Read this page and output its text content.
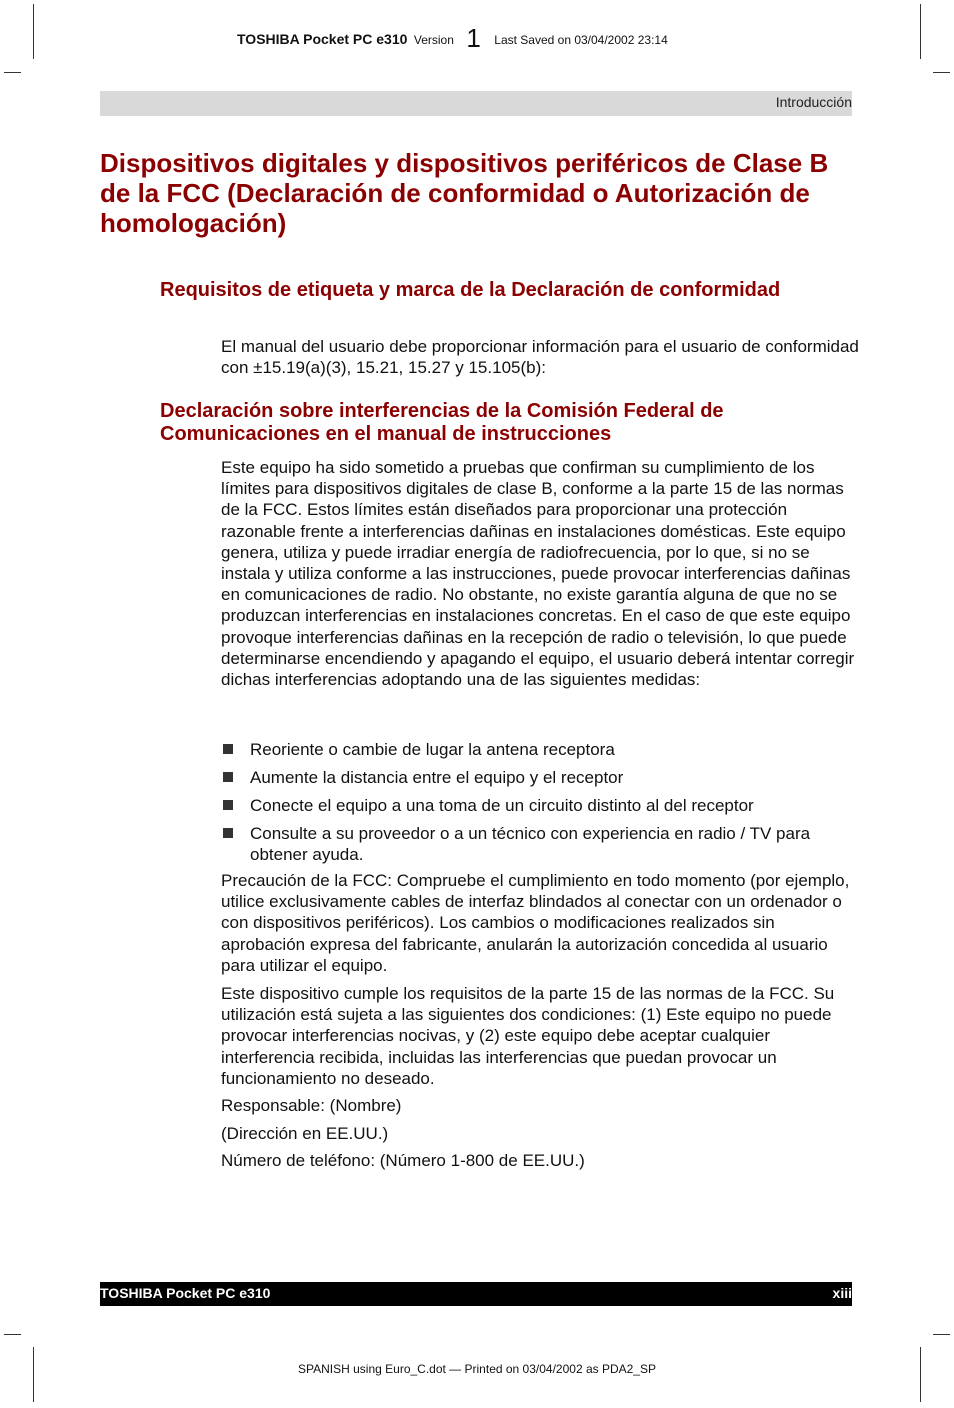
TOSHIBA Pocket PC e310 Version 1 Last Saved on 03/04/2002 23:14
Introducción
Dispositivos digitales y dispositivos periféricos de Clase B de la FCC (Declaración de conformidad o Autorización de homologación)
Requisitos de etiqueta y marca de la Declaración de conformidad

El manual del usuario debe proporcionar información para el usuario de conformidad con ±15.19(a)(3), 15.21, 15.27 y 15.105(b):

Declaración sobre interferencias de la Comisión Federal de Comunicaciones en el manual de instrucciones

Este equipo ha sido sometido a pruebas que confirman su cumplimiento de los límites para dispositivos digitales de clase B, conforme a la parte 15 de las normas de la FCC. Estos límites están diseñados para proporcionar una protección razonable frente a interferencias dañinas en instalaciones domésticas. Este equipo genera, utiliza y puede irradiar energía de radiofrecuencia, por lo que, si no se instala y utiliza conforme a las instrucciones, puede provocar interferencias dañinas en comunicaciones de radio. No obstante, no existe garantía alguna de que no se produzcan interferencias en instalaciones concretas. En el caso de que este equipo provoque interferencias dañinas en la recepción de radio o televisión, lo que puede determinarse encendiendo y apagando el equipo, el usuario deberá intentar corregir dichas interferencias adoptando una de las siguientes medidas:

Reoriente o cambie de lugar la antena receptora
Aumente la distancia entre el equipo y el receptor
Conecte el equipo a una toma de un circuito distinto al del receptor
Consulte a su proveedor o a un técnico con experiencia en radio / TV para obtener ayuda.

Precaución de la FCC: Compruebe el cumplimiento en todo momento (por ejemplo, utilice exclusivamente cables de interfaz blindados al conectar con un ordenador o con dispositivos periféricos). Los cambios o modificaciones realizados sin aprobación expresa del fabricante, anularán la autorización concedida al usuario para utilizar el equipo.

Este dispositivo cumple los requisitos de la parte 15 de las normas de la FCC. Su utilización está sujeta a las siguientes dos condiciones: (1) Este equipo no puede provocar interferencias nocivas, y (2) este equipo debe aceptar cualquier interferencia recibida, incluidas las interferencias que puedan provocar un funcionamiento no deseado.

Responsable: (Nombre)

(Dirección en EE.UU.)

Número de teléfono: (Número 1-800 de EE.UU.)

TOSHIBA Pocket PC e310	xiii
SPANISH using Euro_C.dot — Printed on 03/04/2002 as PDA2_SP
